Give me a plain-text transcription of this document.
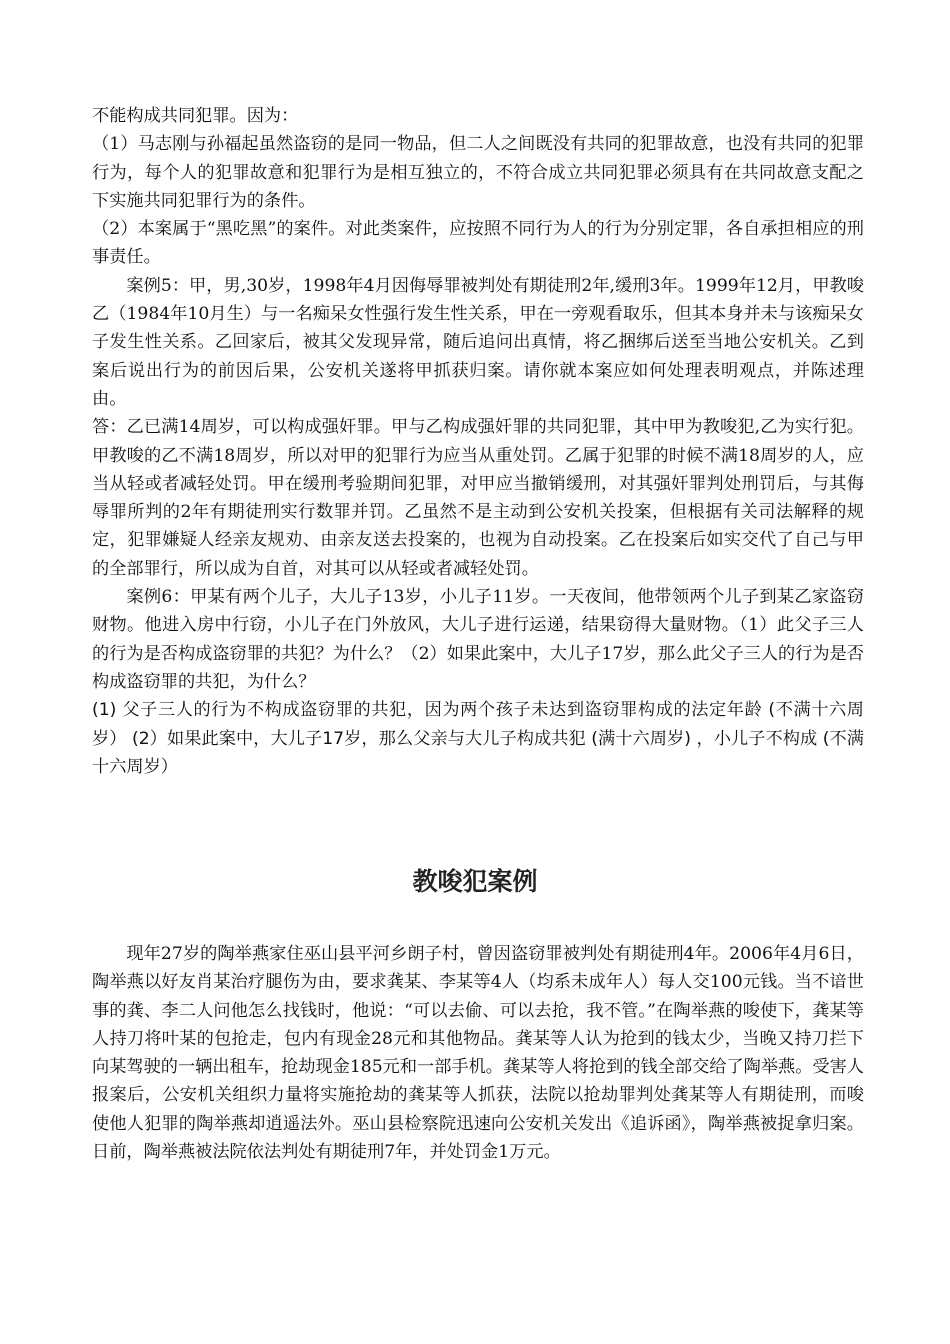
不能构成共同犯罪。因为：

（1）马志刚与孙福起虽然盗窃的是同一物品，但二人之间既没有共同的犯罪故意，也没有共同的犯罪行为，每个人的犯罪故意和犯罪行为是相互独立的，不符合成立共同犯罪必须具有在共同故意支配之下实施共同犯罪行为的条件。

（2）本案属于“黑吃黑”的案件。对此类案件，应按照不同行为人的行为分别定罪，各自承担相应的刑事责任。

案例5：甲，男,30岁，1998年4月因侮辱罪被判处有期徒刑2年,缓刑3年。1999年12月，甲教唆乙（1984年10月生）与一名痴呆女性强行发生性关系，甲在一旁观看取乐，但其本身并未与该痴呆女子发生性关系。乙回家后，被其父发现异常，随后追问出真情，将乙捆绑后送至当地公安机关。乙到案后说出行为的前因后果，公安机关遂将甲抓获归案。请你就本案应如何处理表明观点，并陈述理由。

答：乙已满14周岁，可以构成强奸罪。甲与乙构成强奸罪的共同犯罪，其中甲为教唆犯,乙为实行犯。甲教唆的乙不满18周岁，所以对甲的犯罪行为应当从重处罚。乙属于犯罪的时候不满18周岁的人，应当从轻或者减轻处罚。甲在缓刑考验期间犯罪，对甲应当撤销缓刑，对其强奸罪判处刑罚后，与其侮辱罪所判的2年有期徒刑实行数罪并罚。乙虽然不是主动到公安机关投案，但根据有关司法解释的规定，犯罪嫌疑人经亲友规劝、由亲友送去投案的，也视为自动投案。乙在投案后如实交代了自己与甲的全部罪行，所以成为自首，对其可以从轻或者减轻处罚。

案例6：甲某有两个儿子，大儿子13岁，小儿子11岁。一天夜间，他带领两个儿子到某乙家盗窃财物。他进入房中行窃，小儿子在门外放风，大儿子进行运递，结果窃得大量财物。（1）此父子三人的行为是否构成盗窃罪的共犯？为什么？（2）如果此案中，大儿子17岁，那么此父子三人的行为是否构成盗窃罪的共犯，为什么？

(1) 父子三人的行为不构成盗窃罪的共犯，因为两个孩子未达到盗窃罪构成的法定年龄 (不满十六周岁） (2）如果此案中，大儿子17岁，那么父亲与大儿子构成共犯 (满十六周岁) ，小儿子不构成 (不满十六周岁）

教唆犯案例

现年27岁的陶举燕家住巫山县平河乡朗子村，曾因盗窃罪被判处有期徒刑4年。2006年4月6日，陶举燕以好友肖某治疗腿伤为由，要求龚某、李某等4人（均系未成年人）每人交100元钱。当不谙世事的龚、李二人问他怎么找钱时，他说：“可以去偷、可以去抢，我不管。”在陶举燕的唆使下，龚某等人持刀将叶某的包抢走，包内有现金28元和其他物品。龚某等人认为抢到的钱太少，当晚又持刀拦下向某驾驶的一辆出租车，抢劫现金185元和一部手机。龚某等人将抢到的钱全部交给了陶举燕。受害人报案后，公安机关组织力量将实施抢劫的龚某等人抓获，法院以抢劫罪判处龚某等人有期徒刑，而唆使他人犯罪的陶举燕却逍遥法外。巫山县检察院迅速向公安机关发出《追诉函》，陶举燕被捉拿归案。日前，陶举燕被法院依法判处有期徒刑7年，并处罚金1万元。
